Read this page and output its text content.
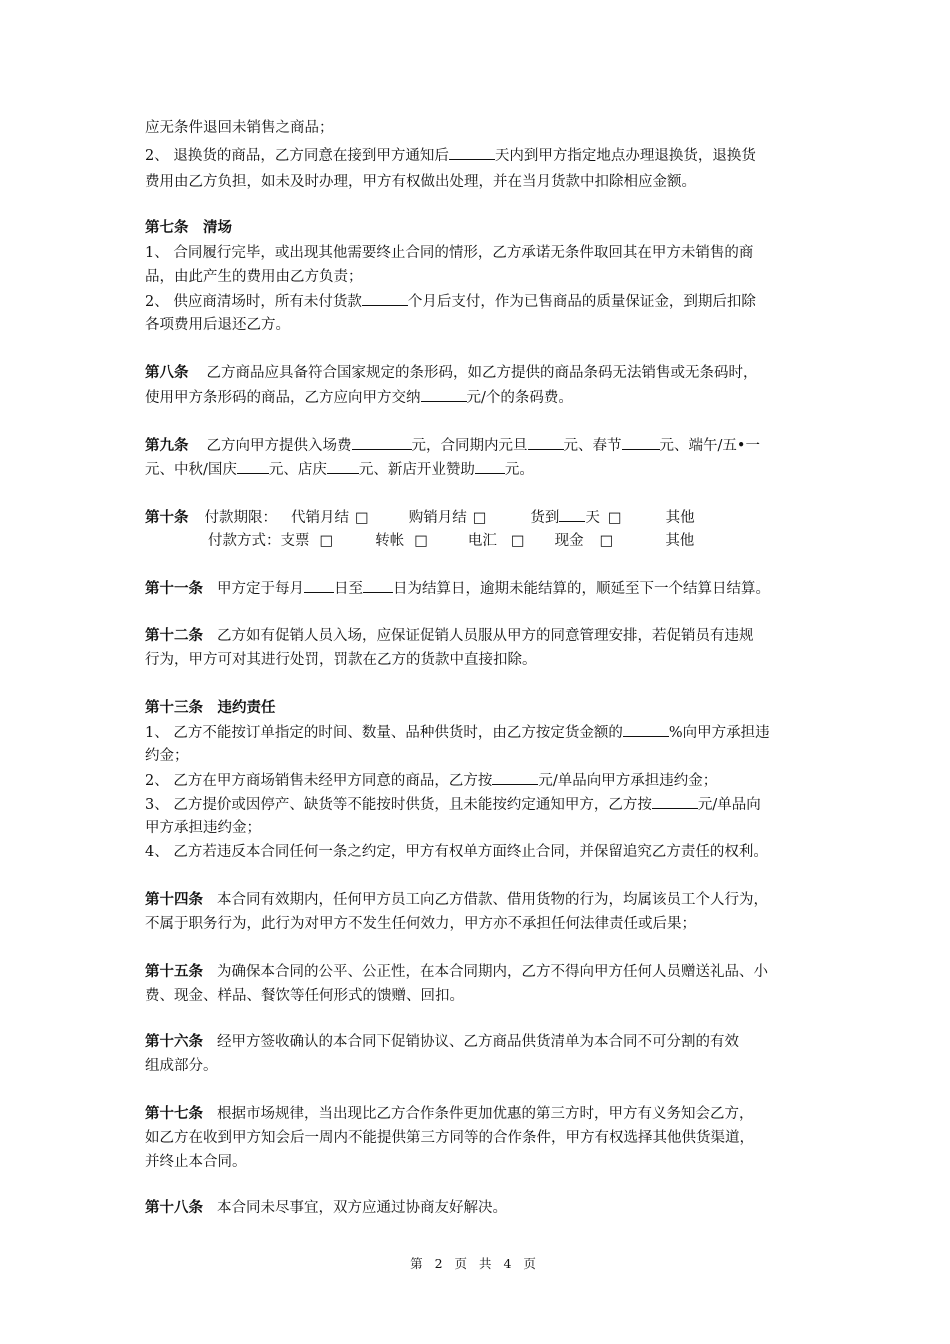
应无条件退回未销售之商品；
2、 退换货的商品，乙方同意在接到甲方通知后	天内到甲方指定地点办理退换货，退换货
费用由乙方负担，如未及时办理，甲方有权做出处理，并在当月货款中扣除相应金额。
第七条　清场
1、 合同履行完毕，或出现其他需要终止合同的情形，乙方承诺无条件取回其在甲方未销售的商
品，由此产生的费用由乙方负责；
2、 供应商清场时，所有未付货款	个月后支付，作为已售商品的质量保证金，到期后扣除
各项费用后退还乙方。
第八条 乙方商品应具备符合国家规定的条形码，如乙方提供的商品条码无法销售或无条码时，
使用甲方条形码的商品，乙方应向甲方交纳	元/个的条码费。
第九条 乙方向甲方提供入场费	元，合同期内元旦 元、春节	元、端午/五•一
元、中秋/国庆 元、店庆 元、新店开业赞助 元。
第十条 付款期限： 代销月结 □	购销月结 □	货到 天 □	其他
付款方式：支票 □	转帐 □	电汇 □ 现金 □	其他
第十一条 甲方定于每月 日至 日为结算日，逾期未能结算的，顺延至下一个结算日结算。
第十二条 乙方如有促销人员入场，应保证促销人员服从甲方的同意管理安排，若促销员有违规
行为，甲方可对其进行处罚，罚款在乙方的货款中直接扣除。
第十三条　违约责任
1、 乙方不能按订单指定的时间、数量、品种供货时，由乙方按定货金额的	%向甲方承担违
约金；
2、 乙方在甲方商场销售未经甲方同意的商品，乙方按	元/单品向甲方承担违约金；
3、 乙方提价或因停产、缺货等不能按时供货，且未能按约定通知甲方，乙方按	元/单品向
甲方承担违约金；
4、 乙方若违反本合同任何一条之约定，甲方有权单方面终止合同，并保留追究乙方责任的权利。
第十四条 本合同有效期内，任何甲方员工向乙方借款、借用货物的行为，均属该员工个人行为，
不属于职务行为，此行为对甲方不发生任何效力，甲方亦不承担任何法律责任或后果；
第十五条 为确保本合同的公平、公正性，在本合同期内，乙方不得向甲方任何人员赠送礼品、小
费、现金、样品、餐饮等任何形式的馈赠、回扣。
第十六条 经甲方签收确认的本合同下促销协议、乙方商品供货清单为本合同不可分割的有效
组成部分。
第十七条 根据市场规律，当出现比乙方合作条件更加优惠的第三方时，甲方有义务知会乙方，
如乙方在收到甲方知会后一周内不能提供第三方同等的合作条件，甲方有权选择其他供货渠道，
并终止本合同。
第十八条 本合同未尽事宜，双方应通过协商友好解决。
第 2 页 共 4 页
